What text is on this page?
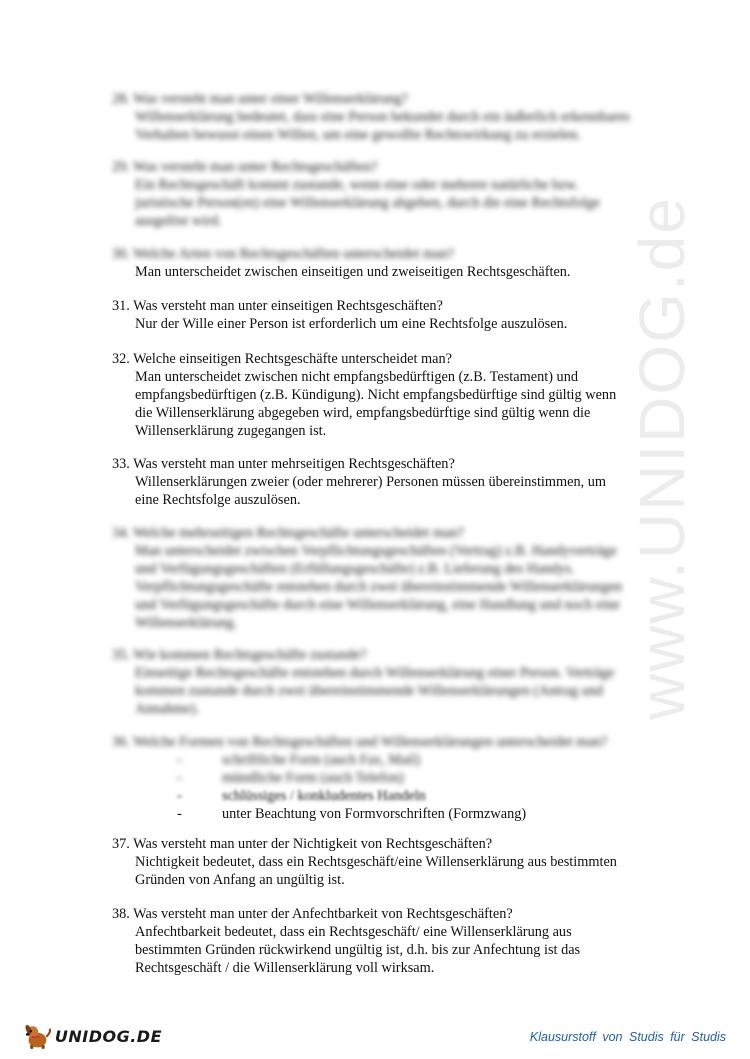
www.UNIDOG.de
28. Was versteht man unter einer Willenserklärung?
Willenserklärung bedeutet, dass eine Person bekundet durch ein äußerlich erkennbares
Verhalten bewusst einen Willen, um eine gewollte Rechtswirkung zu erzielen.
29. Was versteht man unter Rechtsgeschäften?
Ein Rechtsgeschäft kommt zustande, wenn eine oder mehrere natürliche bzw.
juristische Person(en) eine Willenserklärung abgeben, durch die eine Rechtsfolge
ausgelöst wird.
30. Welche Arten von Rechtsgeschäften unterscheidet man?
Man unterscheidet zwischen einseitigen und zweiseitigen Rechtsgeschäften.
31. Was versteht man unter einseitigen Rechtsgeschäften?
Nur der Wille einer Person ist erforderlich um eine Rechtsfolge auszulösen.
32. Welche einseitigen Rechtsgeschäfte unterscheidet man?
Man unterscheidet zwischen nicht empfangsbedürftigen (z.B. Testament) und
empfangsbedürftigen (z.B. Kündigung). Nicht empfangsbedürftige sind gültig wenn
die Willenserklärung abgegeben wird, empfangsbedürftige sind gültig wenn die
Willenserklärung zugegangen ist.
33. Was versteht man unter mehrseitigen Rechtsgeschäften?
Willenserklärungen zweier (oder mehrerer) Personen müssen übereinstimmen, um
eine Rechtsfolge auszulösen.
34. Welche mehrseitigen Rechtsgeschäfte unterscheidet man?
Man unterscheidet zwischen Verpflichtungsgeschäften (Vertrag) z.B. Handyverträge
und Verfügungsgeschäften (Erfüllungsgeschäfte) z.B. Lieferung des Handys.
Verpflichtungsgeschäfte entstehen durch zwei übereinstimmende Willenserklärungen
und Verfügungsgeschäfte durch eine Willenserklärung, eine Handlung und noch eine
Willenserklärung.
35. Wie kommen Rechtsgeschäfte zustande?
Einseitige Rechtsgeschäfte entstehen durch Willenserklärung einer Person. Verträge
kommen zustande durch zwei übereinstimmende Willenserklärungen (Antrag und
Annahme).
36. Welche Formen von Rechtsgeschäften und Willenserklärungen unterscheidet man?
-	schriftliche Form (auch Fax, Mail)
-	mündliche Form (auch Telefon)
-	schlüssiges / konkludentes Handeln
-	unter Beachtung von Formvorschriften (Formzwang)
37. Was versteht man unter der Nichtigkeit von Rechtsgeschäften?
Nichtigkeit bedeutet, dass ein Rechtsgeschäft/eine Willenserklärung aus bestimmten
Gründen von Anfang an ungültig ist.
38. Was versteht man unter der Anfechtbarkeit von Rechtsgeschäften?
Anfechtbarkeit bedeutet, dass ein Rechtsgeschäft/ eine Willenserklärung aus
bestimmten Gründen rückwirkend ungültig ist, d.h. bis zur Anfechtung ist das
Rechtsgeschäft / die Willenserklärung voll wirksam.
UNIDOG.DE	Klausurstoff von Studis für Studis
